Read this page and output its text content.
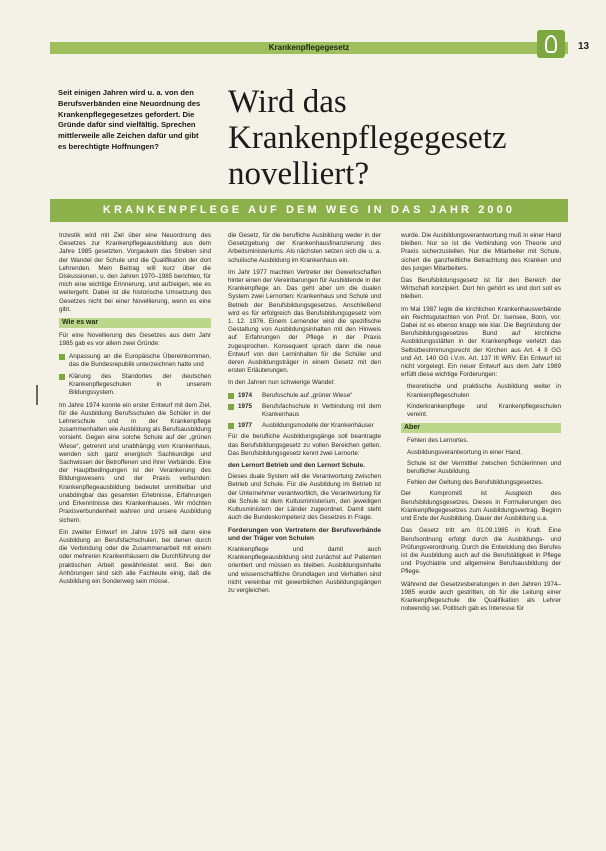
Krankenpflegegesetz	13
Seit einigen Jahren wird u. a. von den Berufsverbänden eine Neuordnung des Krankenpflegegesetzes gefordert. Die Gründe dafür sind vielfältig. Sprechen mittlerweile alle Zeichen dafür und gibt es berechtigte Hoffnungen?
Wird das Krankenpflegegesetz novelliert?
KRANKENPFLEGE AUF DEM WEG IN DAS JAHR 2000

Inzestik wird mit Ziel über eine Neuordnung des Gesetzes zur Krankenpflegeausbildung aus dem Jahre 1985 gesetzten. Vorgaukeln das Streben sind der Wandel der Schule und die Qualifikation der dort Lehrenden. Mein Beitrag will kurz über die Diskussionen, u. den Jahren 1970–1985 berichten, für mich eine wichtige Erinnerung, und aufzeigen, wie es weitergeht. Dabei ist die historische Umsetzung des Gesetzes nicht bei einer Novellierung, wenn es eine gibt.

Wie es war

Für eine Novellierung des Gesetzes aus dem Jahr 1985 gab es vor allem zwei Gründe:

Anpassung an die Europäische Übereinkommen, das die Bundesrepublik unterzeichnen hatte und
Klärung des Standortes der deutschen Krankenpflegeschulen in unserem Bildungssystem.

Im Jahre 1974 konnte ein erster Entwurf mit dem Ziel, für die Ausbildung Berufsschulen die Schüler in der Lehrerschule und in der Krankenpflege zusammenhalten wie Ausbildung als Berufsausbildung vorsieht. Gegen eine solche Schule auf der „grünen Wiese“, getrennt und unabhängig vom Krankenhaus, wenden sich ganz energisch Sachkundige und Sachwissen der Betroffenen und ihrer Verbände. Eine der Hauptbedingungen ist der Verankerung des Bildungswesens und der Praxis verbunden: Krankenpflegeausbildung bedeutet unmittelbar und unabdingbar das gesamten Erlebnisse, Erfahrungen und Erkenntnisse des Krankenhauses. Wir möchten Praxisverbundenheit wahren und unsere Ausbildung sichern.

Ein zweiter Entwurf im Jahre 1975 will dann eine Ausbildung an Berufsfachschulen, bei denen durch die Verbindung oder die Zusammenarbeit mit einem oder mehreren Krankenhäusern die Durchführung der praktischen Arbeit gewährleistet wird. Bei den Anhörungen sind sich alle Fachleute einig, daß die Ausbildung ein Sonderweg sein müsse.

die Gesetz, für die berufliche Ausbildung weder in der Gesetzgebung der Krankenhausfinanzierung des Arbeitsministeriums. Als nächsten setzen sich die u. a. schulische Ausbildung im Krankenhaus ein.

Im Jahr 1977 machten Vertreter der Gewerkschaften hinter einen der Vereinbarungen für Ausbildende in der Krankenpflege an. Das geht aber um die dualen System zwei Lernorten: Krankenhaus und Schule und Betrieb der Berufsbildungsgesetzes. Anschließend wird es für erfolgreich das Berufsbildungsgesetz vom 1. 12. 1976. Einem Lernender wird die spezifische Gestaltung von Ausbildungsinhalten mit den Hinweis auf Erfahrungen der Pflege in der Praxis zugesprochen. Konsequent sprach dann die neue Entwurf von den Lerninhalten für die Schüler und deren Ausbildungsträger in einem Gesetz mit den ersten Erläuterungen.

In den Jahren nun schwierige Wandel:

1974	Berufsschule auf „grüner Wiese“
1975	Berufsfachschule in Verbindung mit dem Krankenhaus
1977	Ausbildungsmodelle der Krankenhäuser

Für die berufliche Ausbildungsgänge soll beantragte das Berufsbildungsgesetz zu vollen Bereichen gelten. Das Berufsbildungsgesetz kennt zwei Lernorte:

den Lernort Betrieb und den Lernort Schule.

Dieses duale System will die Verantwortung zwischen Betrieb und Schule. Für die Ausbildung im Betrieb ist der Unternehmer verantwortlich, die Verantwortung für die Schule ist dem Kultusministerium, den jeweiligen Kultusministern der Länder zugeordnet. Damit steht auch die Bundeskompetenz des Gesetzes in Frage.

Forderungen von Vertretern der Berufsverbände und der Träger von Schulen

Krankenpflege und damit auch Krankenpflegeausbildung sind zunächst auf Patienten orientiert und müssen es bleiben. Ausbildungsinhalte und wissenschaftliche Grundlagen und Verhalten sind nicht vereinbar mit gewerblichen Ausbildungsgängen zu vergleichen.

wurde. Die Ausbildungsverantwortung muß in einer Hand bleiben. Nur so ist die Verbindung von Theorie und Praxis sicherzustellen. Nur die Mitarbeiter mit Schule, sichert die ganzheitliche Betrachtung des Kranken und des jungen Mitarbeiters.

Das Berufsbildungsgesetz ist für den Bereich der Wirtschaft konzipiert. Dort hin gehört es und dort soll es bleiben.

Im Mai 1987 legte die kirchlichen Krankenhausverbände ein Rechtsgutachten von Prof. Dr. Isensee, Bonn, vor. Dabei ist es ebenso knapp wie klar. Die Begründung der Berufsbildungsgesetzes Bund auf kirchliche Ausbildungsstätten in der Krankenpflege verletzt das Selbstbestimmungsrecht der Kirchen aus Art. 4 II GG und Art. 140 GG i.V.m. Art. 137 III WRV. Ein Entwurf ist nicht vorgelegt. Ein neuer Entwurf aus dem Jahr 1989 erfüllt diese wichtige Forderungen:

theoretische und praktische Ausbildung weiter in Krankenpflegeschulen
Kinderkrankenpflege und Krankenpflegeschulen vereint.
Aber
Fehlen des Lernortes.
Ausbildungsverantwortung in einer Hand.
Schule ist der Vermittler zwischen Schülerinnen und beruflicher Ausbildung.
Fehlen der Geltung des Berufsbildungsgesetzes.

Der Kompromiß ist Ausgleich des Berufsbildungsgesetzes. Dieses in Formulierungen des Krankenpflegegesetzes zum Ausbildungsvertrag. Beginn und Ende der Ausbildung. Dauer der Ausbildung u.a.

Das Gesetz tritt am 01.09.1985 in Kraft. Eine Berufsordnung erfolgt durch die Ausbildungs- und Prüfungsverordnung. Durch die Entwicklung des Berufes ist die Ausbildung auch auf die Berufstätigkeit in Pflege und Psychiatrie und allgemeine Berufsausbildung der Pflege.

Während der Gesetzesberatungen in den Jahren 1974–1985 wurde auch gestritten, ob für die Leitung einer Krankenpflegeschule die Qualifikation als Lehrer notwendig sei. Politisch gab es Interesse für
